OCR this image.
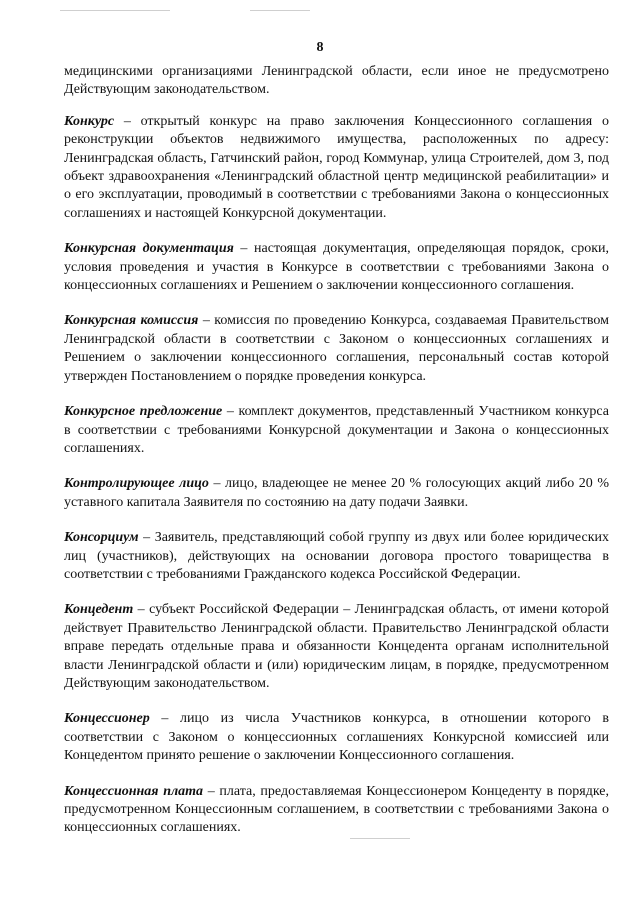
8

медицинскими организациями Ленинградской области, если иное не предусмотрено Действующим законодательством.

Конкурс – открытый конкурс на право заключения Концессионного соглашения о реконструкции объектов недвижимого имущества, расположенных по адресу: Ленинградская область, Гатчинский район, город Коммунар, улица Строителей, дом 3, под объект здравоохранения «Ленинградский областной центр медицинской реабилитации» и о его эксплуатации, проводимый в соответствии с требованиями Закона о концессионных соглашениях и настоящей Конкурсной документации.

Конкурсная документация – настоящая документация, определяющая порядок, сроки, условия проведения и участия в Конкурсе в соответствии с требованиями Закона о концессионных соглашениях и Решением о заключении концессионного соглашения.

Конкурсная комиссия – комиссия по проведению Конкурса, создаваемая Правительством Ленинградской области в соответствии с Законом о концессионных соглашениях и Решением о заключении концессионного соглашения, персональный состав которой утвержден Постановлением о порядке проведения конкурса.

Конкурсное предложение – комплект документов, представленный Участником конкурса в соответствии с требованиями Конкурсной документации и Закона о концессионных соглашениях.

Контролирующее лицо – лицо, владеющее не менее 20 % голосующих акций либо 20 % уставного капитала Заявителя по состоянию на дату подачи Заявки.

Консорциум – Заявитель, представляющий собой группу из двух или более юридических лиц (участников), действующих на основании договора простого товарищества в соответствии с требованиями Гражданского кодекса Российской Федерации.

Концедент – субъект Российской Федерации – Ленинградская область, от имени которой действует Правительство Ленинградской области. Правительство Ленинградской области вправе передать отдельные права и обязанности Концедента органам исполнительной власти Ленинградской области и (или) юридическим лицам, в порядке, предусмотренном Действующим законодательством.

Концессионер – лицо из числа Участников конкурса, в отношении которого в соответствии с Законом о концессионных соглашениях Конкурсной комиссией или Концедентом принято решение о заключении Концессионного соглашения.

Концессионная плата – плата, предоставляемая Концессионером Концеденту в порядке, предусмотренном Концессионным соглашением, в соответствии с требованиями Закона о концессионных соглашениях.
